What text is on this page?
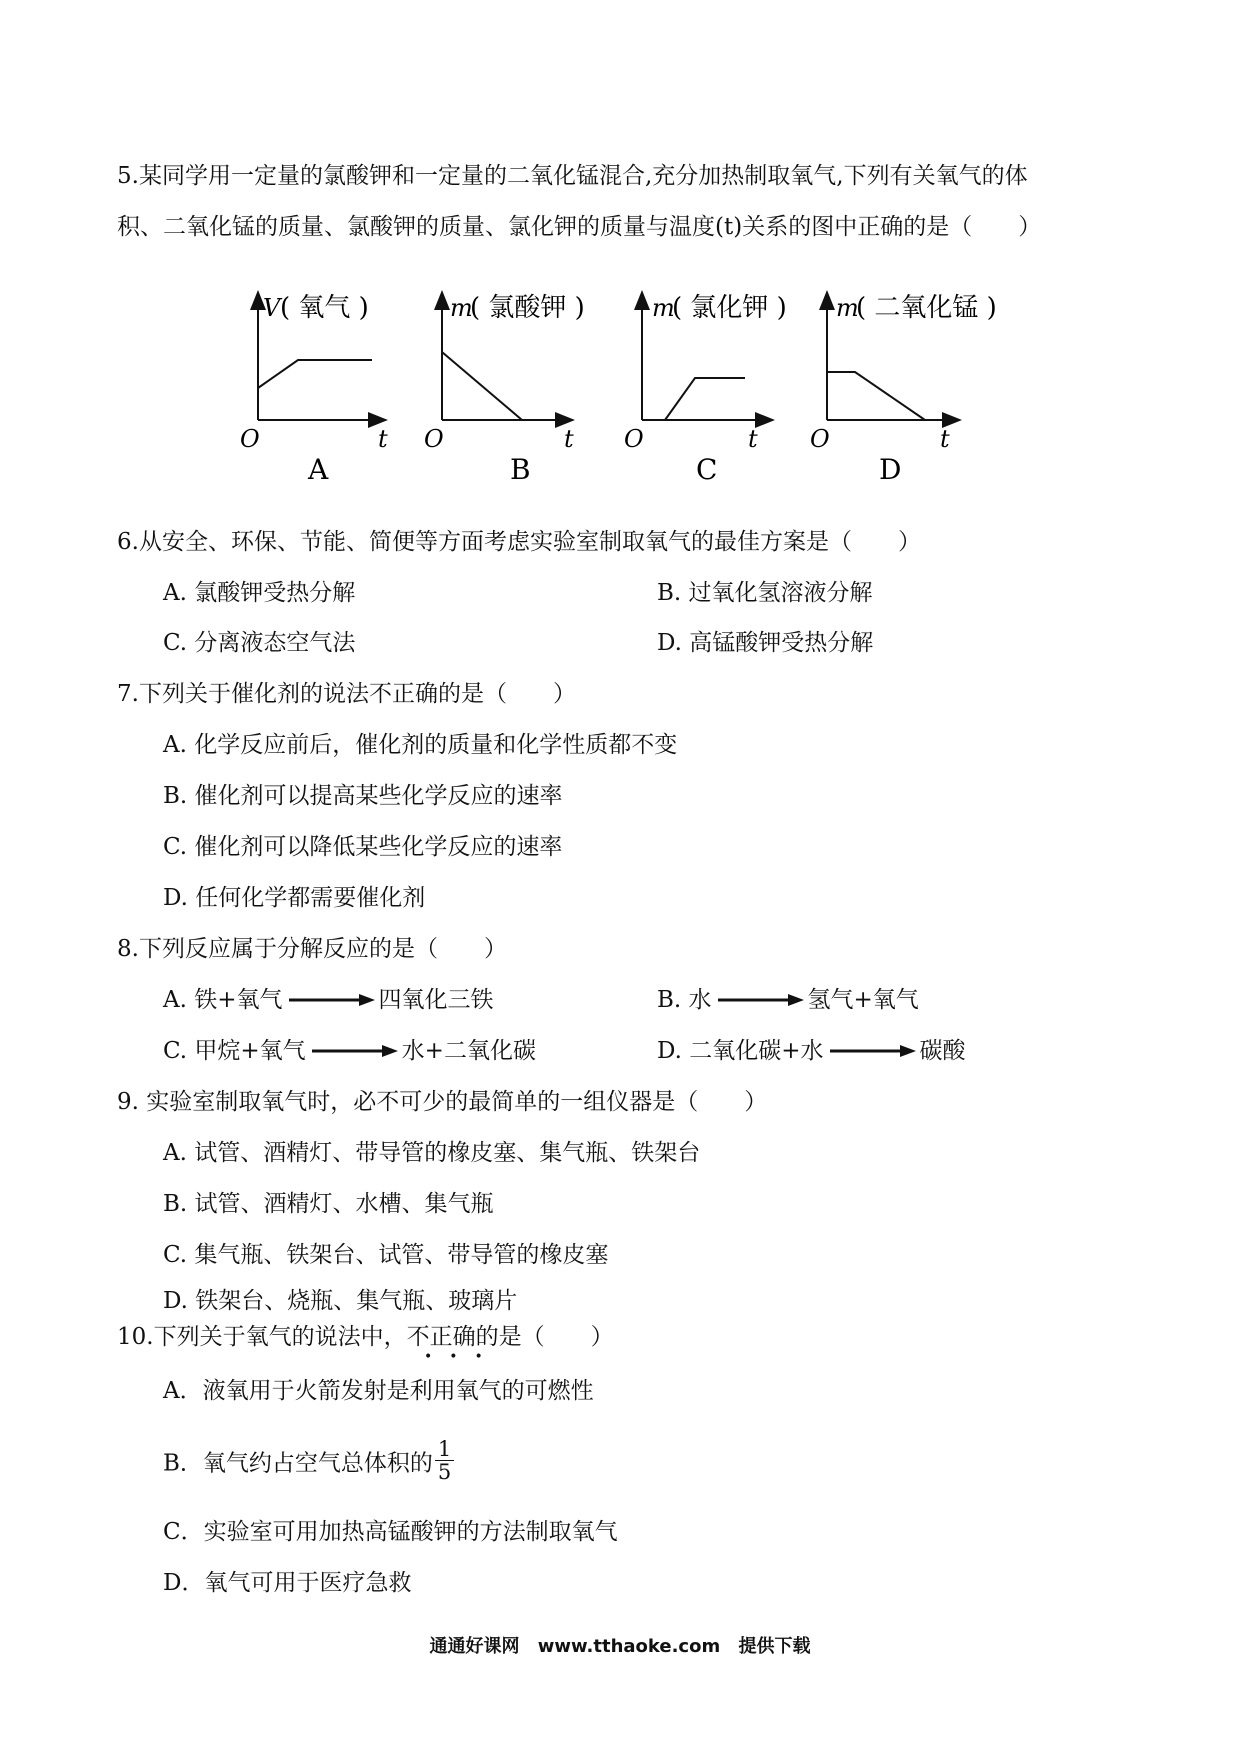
5.某同学用一定量的氯酸钾和一定量的二氧化锰混合,充分加热制取氧气,下列有关氧气的体
积、二氧化锰的质量、氯酸钾的质量、氯化钾的质量与温度(t)关系的图中正确的是（　　）
V ( 氧气 )
O	t
A
m
( 氯酸钾 )
O	t
B
m
( 氯化钾 )
O	t
C
m
( 二氧化锰 )
O	t
D
6.从安全、环保、节能、简便等方面考虑实验室制取氧气的最佳方案是（　　）
A. 氯酸钾受热分解	B. 过氧化氢溶液分解
C. 分离液态空气法	D. 高锰酸钾受热分解
7.下列关于催化剂的说法不正确的是（　　）
A. 化学反应前后，催化剂的质量和化学性质都不变
B. 催化剂可以提高某些化学反应的速率
C. 催化剂可以降低某些化学反应的速率
D. 任何化学都需要催化剂
8.下列反应属于分解反应的是（　　）
A. 铁+氧气 → 四氧化三铁	B. 水 → 氢气+氧气
C. 甲烷+氧气 → 水+二氧化碳	D. 二氧化碳+水 → 碳酸
9. 实验室制取氧气时，必不可少的最简单的一组仪器是（　　）
A. 试管、酒精灯、带导管的橡皮塞、集气瓶、铁架台
B. 试管、酒精灯、水槽、集气瓶
C. 集气瓶、铁架台、试管、带导管的橡皮塞
D. 铁架台、烧瓶、集气瓶、玻璃片
10.下列关于氧气的说法中，不正确的是（　　）
•••
A．液氧用于火箭发射是利用氧气的可燃性
B．氧气约占空气总体积的 $\frac{1}{5}$
C．实验室可用加热高锰酸钾的方法制取氧气
D．氧气可用于医疗急救
通通好课网 www.tthaoke.com 提供下载
